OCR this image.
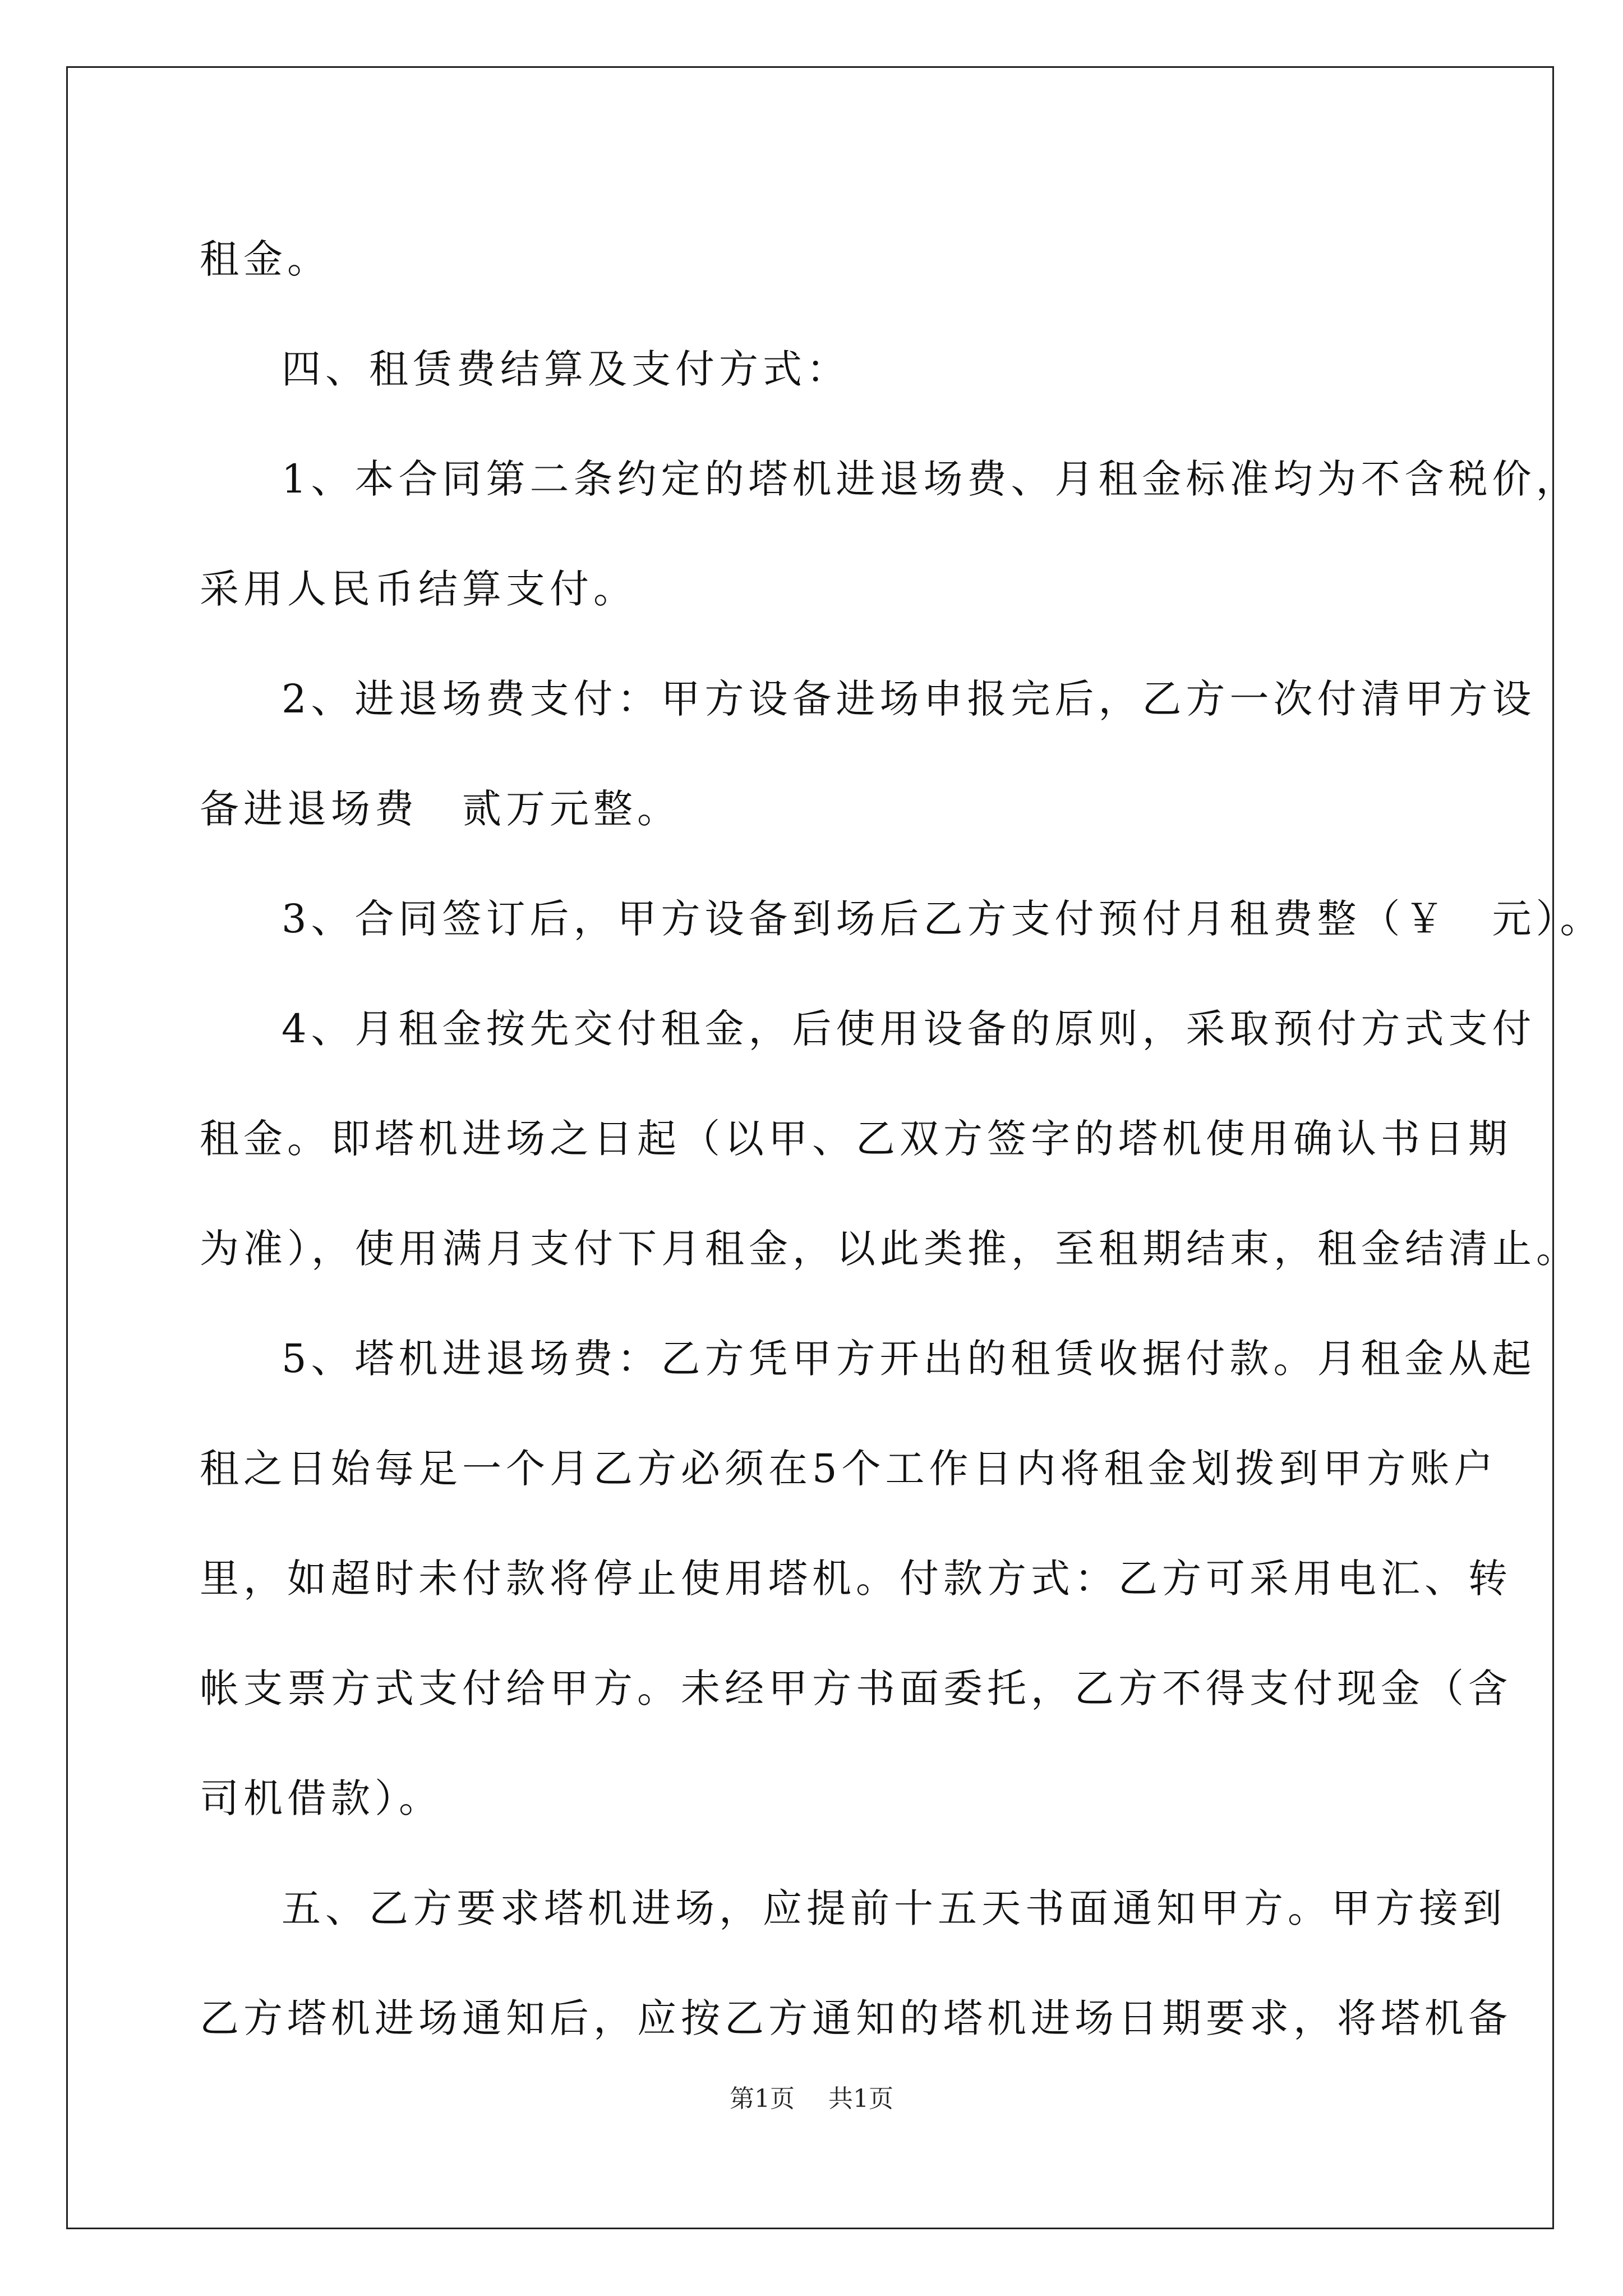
租金。
四、租赁费结算及支付方式：
1、本合同第二条约定的塔机进退场费、月租金标准均为不含税价，
采用人民币结算支付。
2、进退场费支付：甲方设备进场申报完后，乙方一次付清甲方设
备进退场费　贰万元整。
3、合同签订后，甲方设备到场后乙方支付预付月租费整（￥　元）。
4、月租金按先交付租金，后使用设备的原则，采取预付方式支付
租金。即塔机进场之日起（以甲、乙双方签字的塔机使用确认书日期
为准），使用满月支付下月租金，以此类推，至租期结束，租金结清止。
5、塔机进退场费：乙方凭甲方开出的租赁收据付款。月租金从起
租之日始每足一个月乙方必须在5个工作日内将租金划拨到甲方账户
里，如超时未付款将停止使用塔机。付款方式：乙方可采用电汇、转
帐支票方式支付给甲方。未经甲方书面委托，乙方不得支付现金（含
司机借款）。
五、乙方要求塔机进场，应提前十五天书面通知甲方。甲方接到
乙方塔机进场通知后，应按乙方通知的塔机进场日期要求，将塔机备
第1页 共1页
